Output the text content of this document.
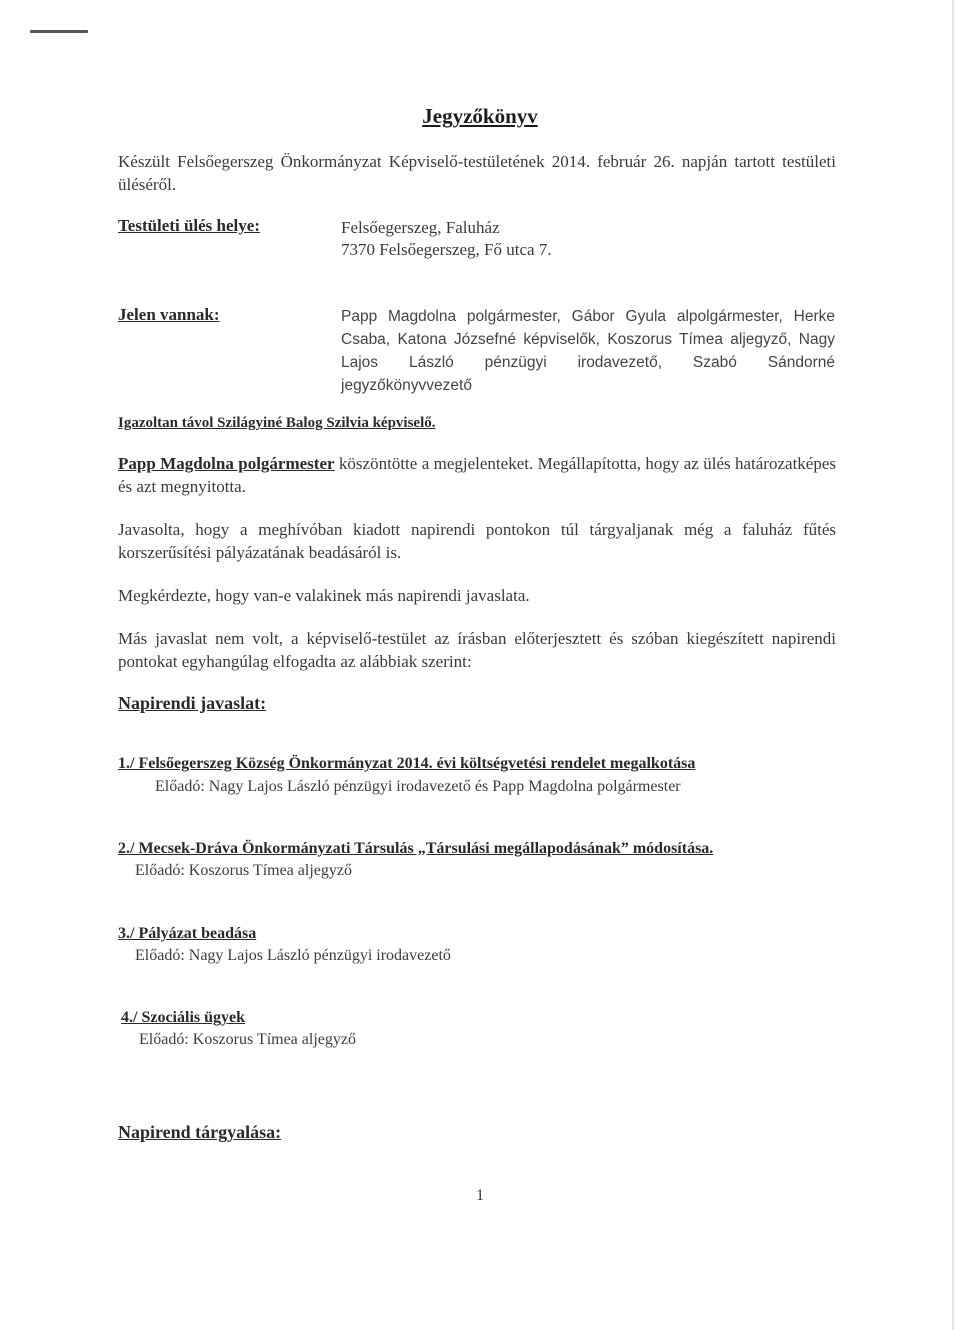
Jegyzőkönyv
Készült Felsőegerszeg Önkormányzat Képviselő-testületének 2014. február 26. napján tartott testületi üléséről.
Testületi ülés helye:	Felsőegerszeg, Faluház
7370 Felsőegerszeg, Fő utca 7.
Jelen vannak:	Papp Magdolna polgármester, Gábor Gyula alpolgármester, Herke Csaba, Katona Józsefné képviselők, Koszorus Tímea aljegyző, Nagy Lajos László pénzügyi irodavezető, Szabó Sándorné jegyzőkönyvvezető
Igazoltan távol Szilágyiné Balog Szilvia képviselő.
Papp Magdolna polgármester köszöntötte a megjelenteket. Megállapította, hogy az ülés határozatképes és azt megnyitotta.
Javasolta, hogy a meghívóban kiadott napirendi pontokon túl tárgyaljanak még a faluház fűtés korszerűsítési pályázatának beadásáról is.
Megkérdezte, hogy van-e valakinek más napirendi javaslata.
Más javaslat nem volt, a képviselő-testület az írásban előterjesztett és szóban kiegészített napirendi pontokat egyhangúlag elfogadta az alábbiak szerint:
Napirendi javaslat:
1./ Felsőegerszeg Község Önkormányzat 2014. évi költségvetési rendelet megalkotása
Előadó: Nagy Lajos László pénzügyi irodavezető és Papp Magdolna polgármester
2./ Mecsek-Dráva Önkormányzati Társulás „Társulási megállapodásának” módosítása.
Előadó: Koszorus Tímea aljegyző
3./ Pályázat beadása
Előadó: Nagy Lajos László pénzügyi irodavezető
4./ Szociális ügyek
Előadó: Koszorus Tímea aljegyző
Napirend tárgyalása:
1
